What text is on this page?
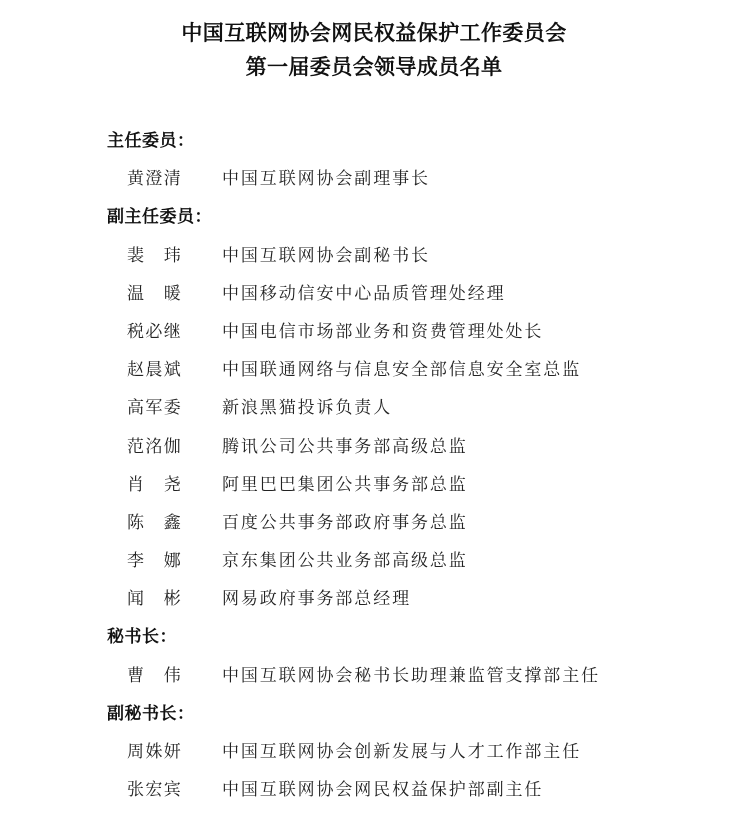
中国互联网协会网民权益保护工作委员会
第一届委员会领导成员名单
主任委员：
黄澄清	中国互联网协会副理事长
副主任委员：
裴　玮	中国互联网协会副秘书长
温　暖	中国移动信安中心品质管理处经理
税必继	中国电信市场部业务和资费管理处处长
赵晨斌	中国联通网络与信息安全部信息安全室总监
高军委	新浪黑猫投诉负责人
范洺伽	腾讯公司公共事务部高级总监
肖　尧	阿里巴巴集团公共事务部总监
陈　鑫	百度公共事务部政府事务总监
李　娜	京东集团公共业务部高级总监
闻　彬	网易政府事务部总经理
秘书长：
曹　伟	中国互联网协会秘书长助理兼监管支撑部主任
副秘书长：
周姝妍	中国互联网协会创新发展与人才工作部主任
张宏宾	中国互联网协会网民权益保护部副主任
